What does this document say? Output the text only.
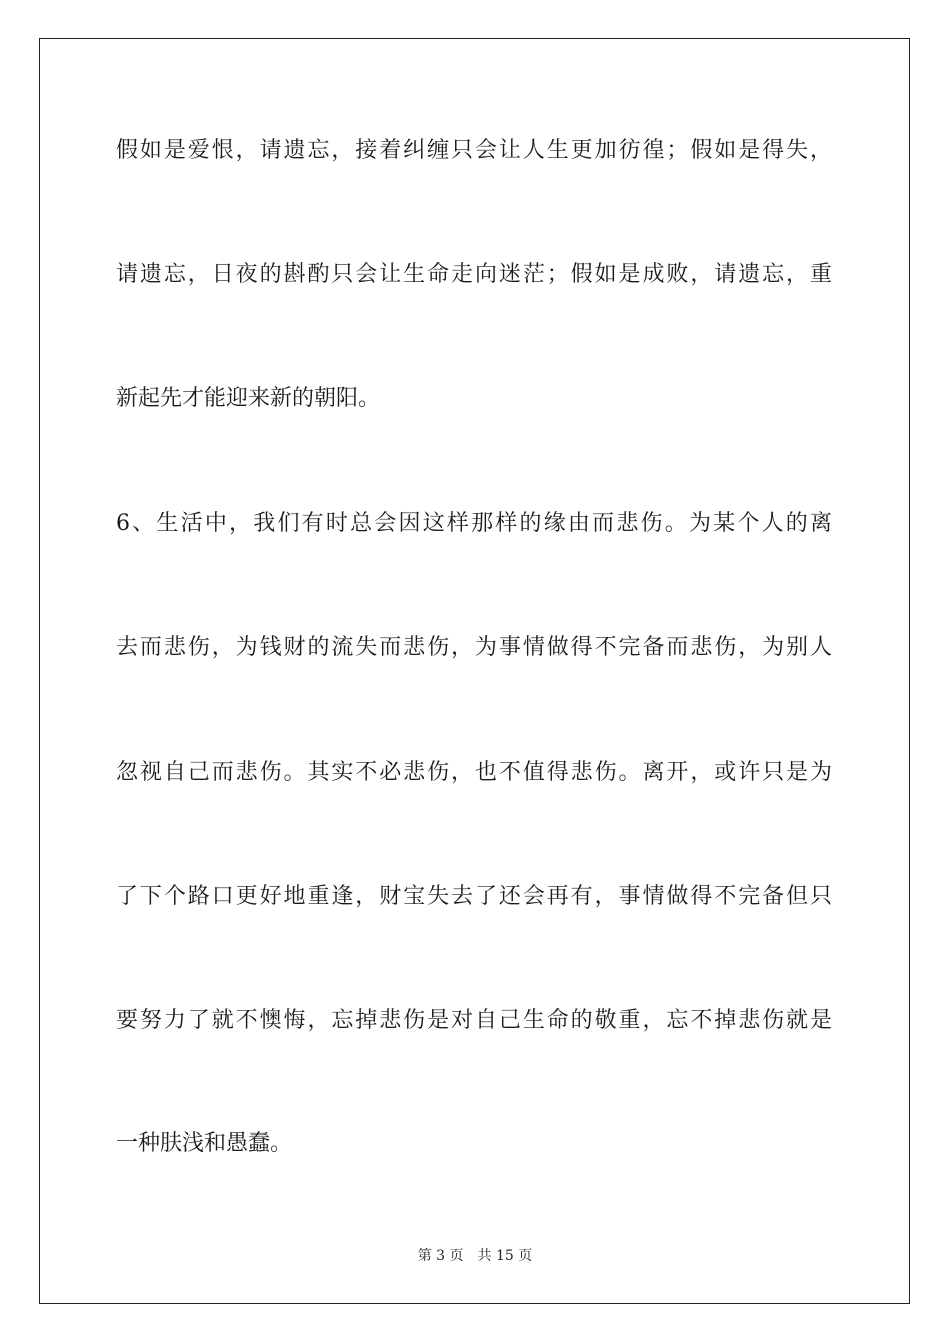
假如是爱恨，请遗忘，接着纠缠只会让人生更加彷徨；假如是得失，
请遗忘，日夜的斟酌只会让生命走向迷茫；假如是成败，请遗忘，重
新起先才能迎来新的朝阳。
6、生活中，我们有时总会因这样那样的缘由而悲伤。为某个人的离
去而悲伤，为钱财的流失而悲伤，为事情做得不完备而悲伤，为别人
忽视自己而悲伤。其实不必悲伤，也不值得悲伤。离开，或许只是为
了下个路口更好地重逢，财宝失去了还会再有，事情做得不完备但只
要努力了就不懊悔，忘掉悲伤是对自己生命的敬重，忘不掉悲伤就是
一种肤浅和愚蠢。
第 3 页 共 15 页
